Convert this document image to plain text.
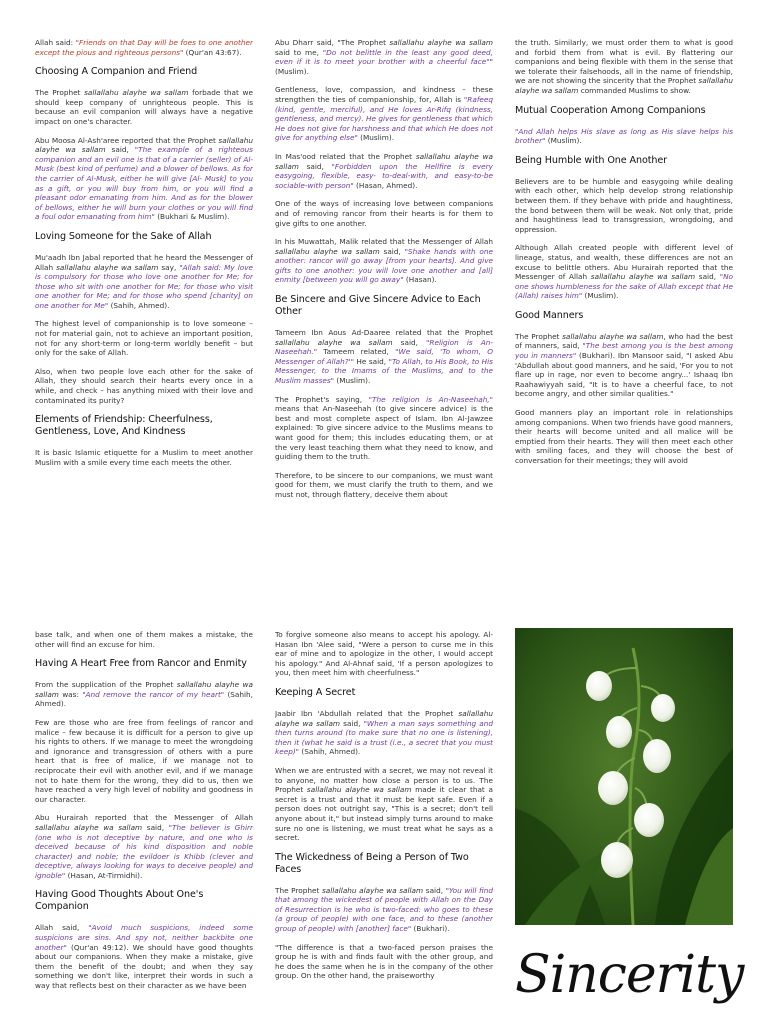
Allah said: "Friends on that Day will be foes to one another except the pious and righteous persons" (Qur'an 43:67).

Choosing A Companion and Friend

The Prophet sallallahu alayhe wa sallam forbade that we should keep company of unrighteous people. This is because an evil companion will always have a negative impact on one's character.

Abu Moosa Al-Ash'aree reported that the Prophet sallallahu alayhe wa sallam said, "The example of a righteous companion and an evil one is that of a carrier (seller) of Al-Musk (best kind of perfume) and a blower of bellows. As for the carrier of Al-Musk, either he will give [Al- Musk] to you as a gift, or you will buy from him, or you will find a pleasant odor emanating from him. And as for the blower of bellows, either he will burn your clothes or you will find a foul odor emanating from him" (Bukhari & Muslim).

Loving Someone for the Sake of Allah

Mu'aadh Ibn Jabal reported that he heard the Messenger of Allah sallallahu alayhe wa sallam say, "Allah said: My love is compulsory for those who love one another for Me; for those who sit with one another for Me; for those who visit one another for Me; and for those who spend [charity] on one another for Me" (Sahih, Ahmed).

The highest level of companionship is to love someone – not for material gain, not to achieve an important position, not for any short-term or long-term worldly benefit – but only for the sake of Allah.

Also, when two people love each other for the sake of Allah, they should search their hearts every once in a while, and check – has anything mixed with their love and contaminated its purity?

Elements of Friendship: Cheerfulness, Gentleness, Love, And Kindness

It is basic Islamic etiquette for a Muslim to meet another Muslim with a smile every time each meets the other.

Abu Dharr said, "The Prophet sallallahu alayhe wa sallam said to me, "Do not belittle in the least any good deed, even if it is to meet your brother with a cheerful face"" (Muslim).

Gentleness, love, compassion, and kindness – these strengthen the ties of companionship, for, Allah is "Rafeeq (kind, gentle, merciful), and He loves Ar-Rifq (kindness, gentleness, and mercy). He gives for gentleness that which He does not give for harshness and that which He does not give for anything else" (Muslim).

In Mas'ood related that the Prophet sallallahu alayhe wa sallam said, "Forbidden upon the Hellfire is every easygoing, flexible, easy- to-deal-with, and easy-to-be sociable-with person" (Hasan, Ahmed).

One of the ways of increasing love between companions and of removing rancor from their hearts is for them to give gifts to one another.

In his Muwattah, Malik related that the Messenger of Allah sallallahu alayhe wa sallam said, "Shake hands with one another: rancor will go away [from your hearts]. And give gifts to one another: you will love one another and [all] enmity [between you will go away" (Hasan).

Be Sincere and Give Sincere Advice to Each Other

Tameem Ibn Aous Ad-Daaree related that the Prophet sallallahu alayhe wa sallam said, "Religion is An-Naseehah." Tameem related, "We said, 'To whom, O Messenger of Allah?'" He said, "To Allah, to His Book, to His Messenger, to the Imams of the Muslims, and to the Muslim masses" (Muslim).

The Prophet's saying, "The religion is An-Naseehah," means that An-Naseehah (to give sincere advice) is the best and most complete aspect of Islam. Ibn Al-Jawzee explained: To give sincere advice to the Muslims means to want good for them; this includes educating them, or at the very least teaching them what they need to know, and guiding them to the truth.

Therefore, to be sincere to our companions, we must want good for them, we must clarify the truth to them, and we must not, through flattery, deceive them about

the truth. Similarly, we must order them to what is good and forbid them from what is evil. By flattering our companions and being flexible with them in the sense that we tolerate their falsehoods, all in the name of friendship, we are not showing the sincerity that the Prophet sallallahu alayhe wa sallam commanded Muslims to show.

Mutual Cooperation Among Companions

"And Allah helps His slave as long as His slave helps his brother" (Muslim).

Being Humble with One Another

Believers are to be humble and easygoing while dealing with each other, which help develop strong relationship between them. If they behave with pride and haughtiness, the bond between them will be weak. Not only that, pride and haughtiness lead to transgression, wrongdoing, and oppression.

Although Allah created people with different level of lineage, status, and wealth, these differences are not an excuse to belittle others. Abu Hurairah reported that the Messenger of Allah sallallahu alayhe wa sallam said, "No one shows humbleness for the sake of Allah except that He (Allah) raises him" (Muslim).

Good Manners

The Prophet sallallahu alayhe wa sallam, who had the best of manners, said, "The best among you is the best among you in manners" (Bukhari). Ibn Mansoor said, "I asked Abu 'Abdullah about good manners, and he said, 'For you to not flare up in rage, nor even to become angry...' Ishaaq Ibn Raahawiyyah said, "It is to have a cheerful face, to not become angry, and other similar qualities."

Good manners play an important role in relationships among companions. When two friends have good manners, their hearts will become united and all malice will be emptied from their hearts. They will then meet each other with smiling faces, and they will choose the best of conversation for their meetings; they will avoid

base talk, and when one of them makes a mistake, the other will find an excuse for him.

Having A Heart Free from Rancor and Enmity

From the supplication of the Prophet sallallahu alayhe wa sallam was: "And remove the rancor of my heart" (Sahih, Ahmed).

Few are those who are free from feelings of rancor and malice – few because it is difficult for a person to give up his rights to others. If we manage to meet the wrongdoing and ignorance and transgression of others with a pure heart that is free of malice, if we manage not to reciprocate their evil with another evil, and if we manage not to hate them for the wrong, they did to us, then we have reached a very high level of nobility and goodness in our character.

Abu Hurairah reported that the Messenger of Allah sallallahu alayhe wa sallam said, "The believer is Ghirr (one who is not deceptive by nature, and one who is deceived because of his kind disposition and noble character) and noble; the evildoer is Khibb (clever and deceptive, always looking for ways to deceive people) and ignoble" (Hasan, At-Tirmidhi).

Having Good Thoughts About One's Companion

Allah said, "Avoid much suspicions, indeed some suspicions are sins. And spy not, neither backbite one another" (Qur'an 49:12). We should have good thoughts about our companions. When they make a mistake, give them the benefit of the doubt; and when they say something we don't like, interpret their words in such a way that reflects best on their character as we have been

To forgive someone also means to accept his apology. Al-Hasan Ibn 'Alee said, "Were a person to curse me in this ear of mine and to apologize in the other, I would accept his apology." And Al-Ahnaf said, 'If a person apologizes to you, then meet him with cheerfulness."

Keeping A Secret

Jaabir Ibn 'Abdullah related that the Prophet sallallahu alayhe wa sallam said, "When a man says something and then turns around (to make sure that no one is listening), then it (what he said is a trust (i.e., a secret that you must keep)" (Sahih, Ahmed).

When we are entrusted with a secret, we may not reveal it to anyone, no matter how close a person is to us. The Prophet sallallahu alayhe wa sallam made it clear that a secret is a trust and that it must be kept safe. Even if a person does not outright say, "This is a secret; don't tell anyone about it," but instead simply turns around to make sure no one is listening, we must treat what he says as a secret.

The Wickedness of Being a Person of Two Faces

The Prophet sallallahu alayhe wa sallam said, "You will find that among the wickedest of people with Allah on the Day of Resurrection is he who is two-faced: who goes to these (a group of people) with one face, and to these (another group of people) with [another] face" (Bukhari).

"The difference is that a two-faced person praises the group he is with and finds fault with the other group, and he does the same when he is in the company of the other group. On the other hand, the praiseworthy	Sincerity
